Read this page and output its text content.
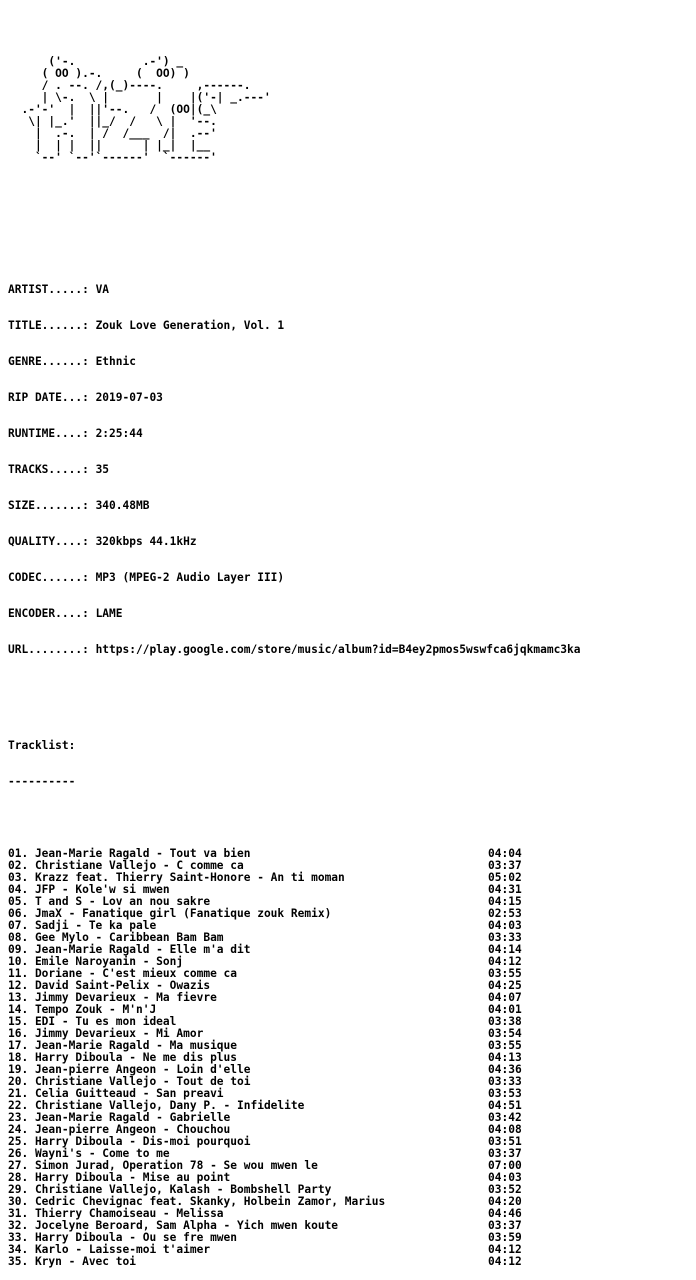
('-.          .-') _
( OO ).-.     (  OO) )
/ . --. /,(_)----.     ,------.
| \-.  \ |       |    |('-| _.---'
.-'-'  |  ||'--.   /  (OO|(_\
\| |_.'  ||_/  /   \ |  '--.
|  .-.  | /  /___  /|  .--'
|  | |  ||      | |_|  |__
`--' `--'`------'  `------'

ARTIST.....: VA

TITLE......: Zouk Love Generation, Vol. 1

GENRE......: Ethnic

RIP DATE...: 2019-07-03

RUNTIME....: 2:25:44

TRACKS.....: 35

SIZE.......: 340.48MB

QUALITY....: 320kbps 44.1kHz

CODEC......: MP3 (MPEG-2 Audio Layer III)

ENCODER....: LAME

URL........: https://play.google.com/store/music/album?id=B4ey2pmos5wswfca6jqkmamc3ka

Tracklist:

----------

01. Jean-Marie Ragald - Tout va bien	04:04
02. Christiane Vallejo - C comme ca	03:37
03. Krazz feat. Thierry Saint-Honore - An ti moman	05:02
04. JFP - Kole'w si mwen	04:31
05. T and S - Lov an nou sakre	04:15
06. JmaX - Fanatique girl (Fanatique zouk Remix)	02:53
07. Sadji - Te ka pale	04:03
08. Gee Mylo - Caribbean Bam Bam	03:33
09. Jean-Marie Ragald - Elle m'a dit	04:14
10. Emile Naroyanin - Sonj	04:12
11. Doriane - C'est mieux comme ca	03:55
12. David Saint-Pelix - Owazis	04:25
13. Jimmy Devarieux - Ma fievre	04:07
14. Tempo Zouk - M'n'J	04:01
15. EDI - Tu es mon ideal	03:38
16. Jimmy Devarieux - Mi Amor	03:54
17. Jean-Marie Ragald - Ma musique	03:55
18. Harry Diboula - Ne me dis plus	04:13
19. Jean-pierre Angeon - Loin d'elle	04:36
20. Christiane Vallejo - Tout de toi	03:33
21. Celia Guitteaud - San preavi	03:53
22. Christiane Vallejo, Dany P. - Infidelite	04:51
23. Jean-Marie Ragald - Gabrielle	03:42
24. Jean-pierre Angeon - Chouchou	04:08
25. Harry Diboula - Dis-moi pourquoi	03:51
26. Wayni's - Come to me	03:37
27. Simon Jurad, Operation 78 - Se wou mwen le	07:00
28. Harry Diboula - Mise au point	04:03
29. Christiane Vallejo, Kalash - Bombshell Party	03:52
30. Cedric Chevignac feat. Skanky, Holbein Zamor, Marius	04:20
31. Thierry Chamoiseau - Melissa	04:46
32. Jocelyne Beroard, Sam Alpha - Yich mwen koute	03:37
33. Harry Diboula - Ou se fre mwen	03:59
34. Karlo - Laisse-moi t'aimer	04:12
35. Kryn - Avec toi	04:12
